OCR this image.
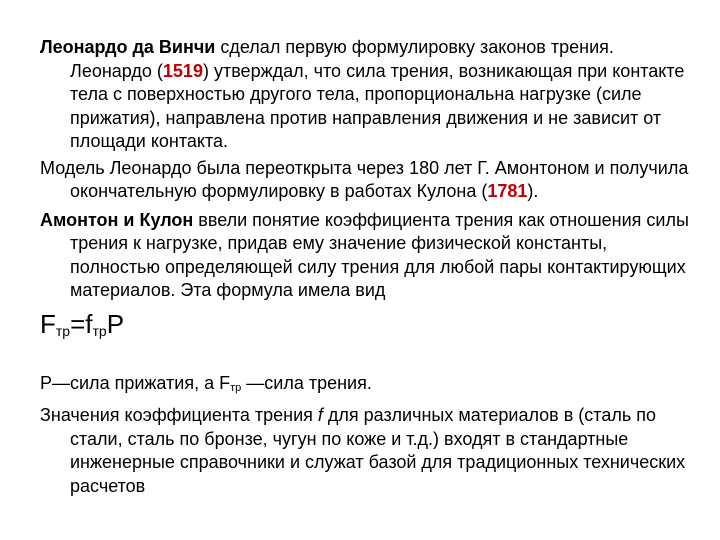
Леонардо да Винчи сделал первую формулировку законов трения. Леонардо (1519) утверждал, что сила трения, возникающая при контакте тела с поверхностью другого тела, пропорциональна нагрузке (силе прижатия), направлена против направления движения и не зависит от площади контакта.

Модель Леонардо была переоткрыта через 180 лет Г. Амонтоном и получила окончательную формулировку в работах Кулона (1781).

Амонтон и Кулон ввели понятие коэффициента трения как отношения силы трения к нагрузке, придав ему значение физической константы, полностью определяющей силу трения для любой пары контактирующих материалов. Эта формула имела вид

$F_{тр}=f_{тр}P$

P—сила прижатия, а $F_{тр}$ —сила трения.

Значения коэффициента трения f для различных материалов в (сталь по стали, сталь по бронзе, чугун по коже и т.д.) входят в стандартные инженерные справочники и служат базой для традиционных технических расчетов
